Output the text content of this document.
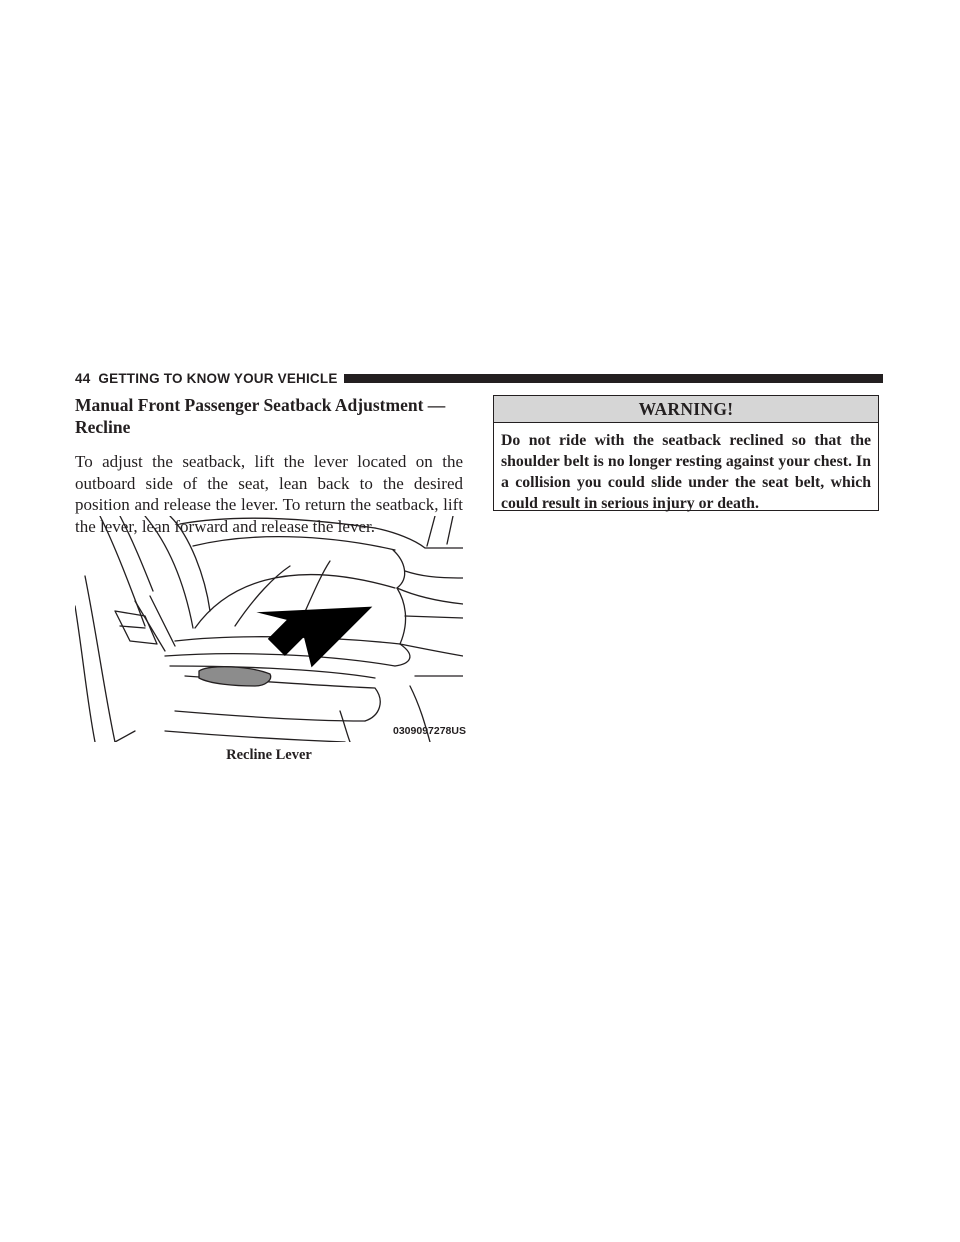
44 GETTING TO KNOW YOUR VEHICLE
Manual Front Passenger Seatback Adjustment — Recline

To adjust the seatback, lift the lever located on the outboard side of the seat, lean back to the desired position and release the lever. To return the seatback, lift the lever, lean forward and release the lever.

0309097278US
Recline Lever
WARNING!

Do not ride with the seatback reclined so that the shoulder belt is no longer resting against your chest. In a collision you could slide under the seat belt, which could result in serious injury or death.
